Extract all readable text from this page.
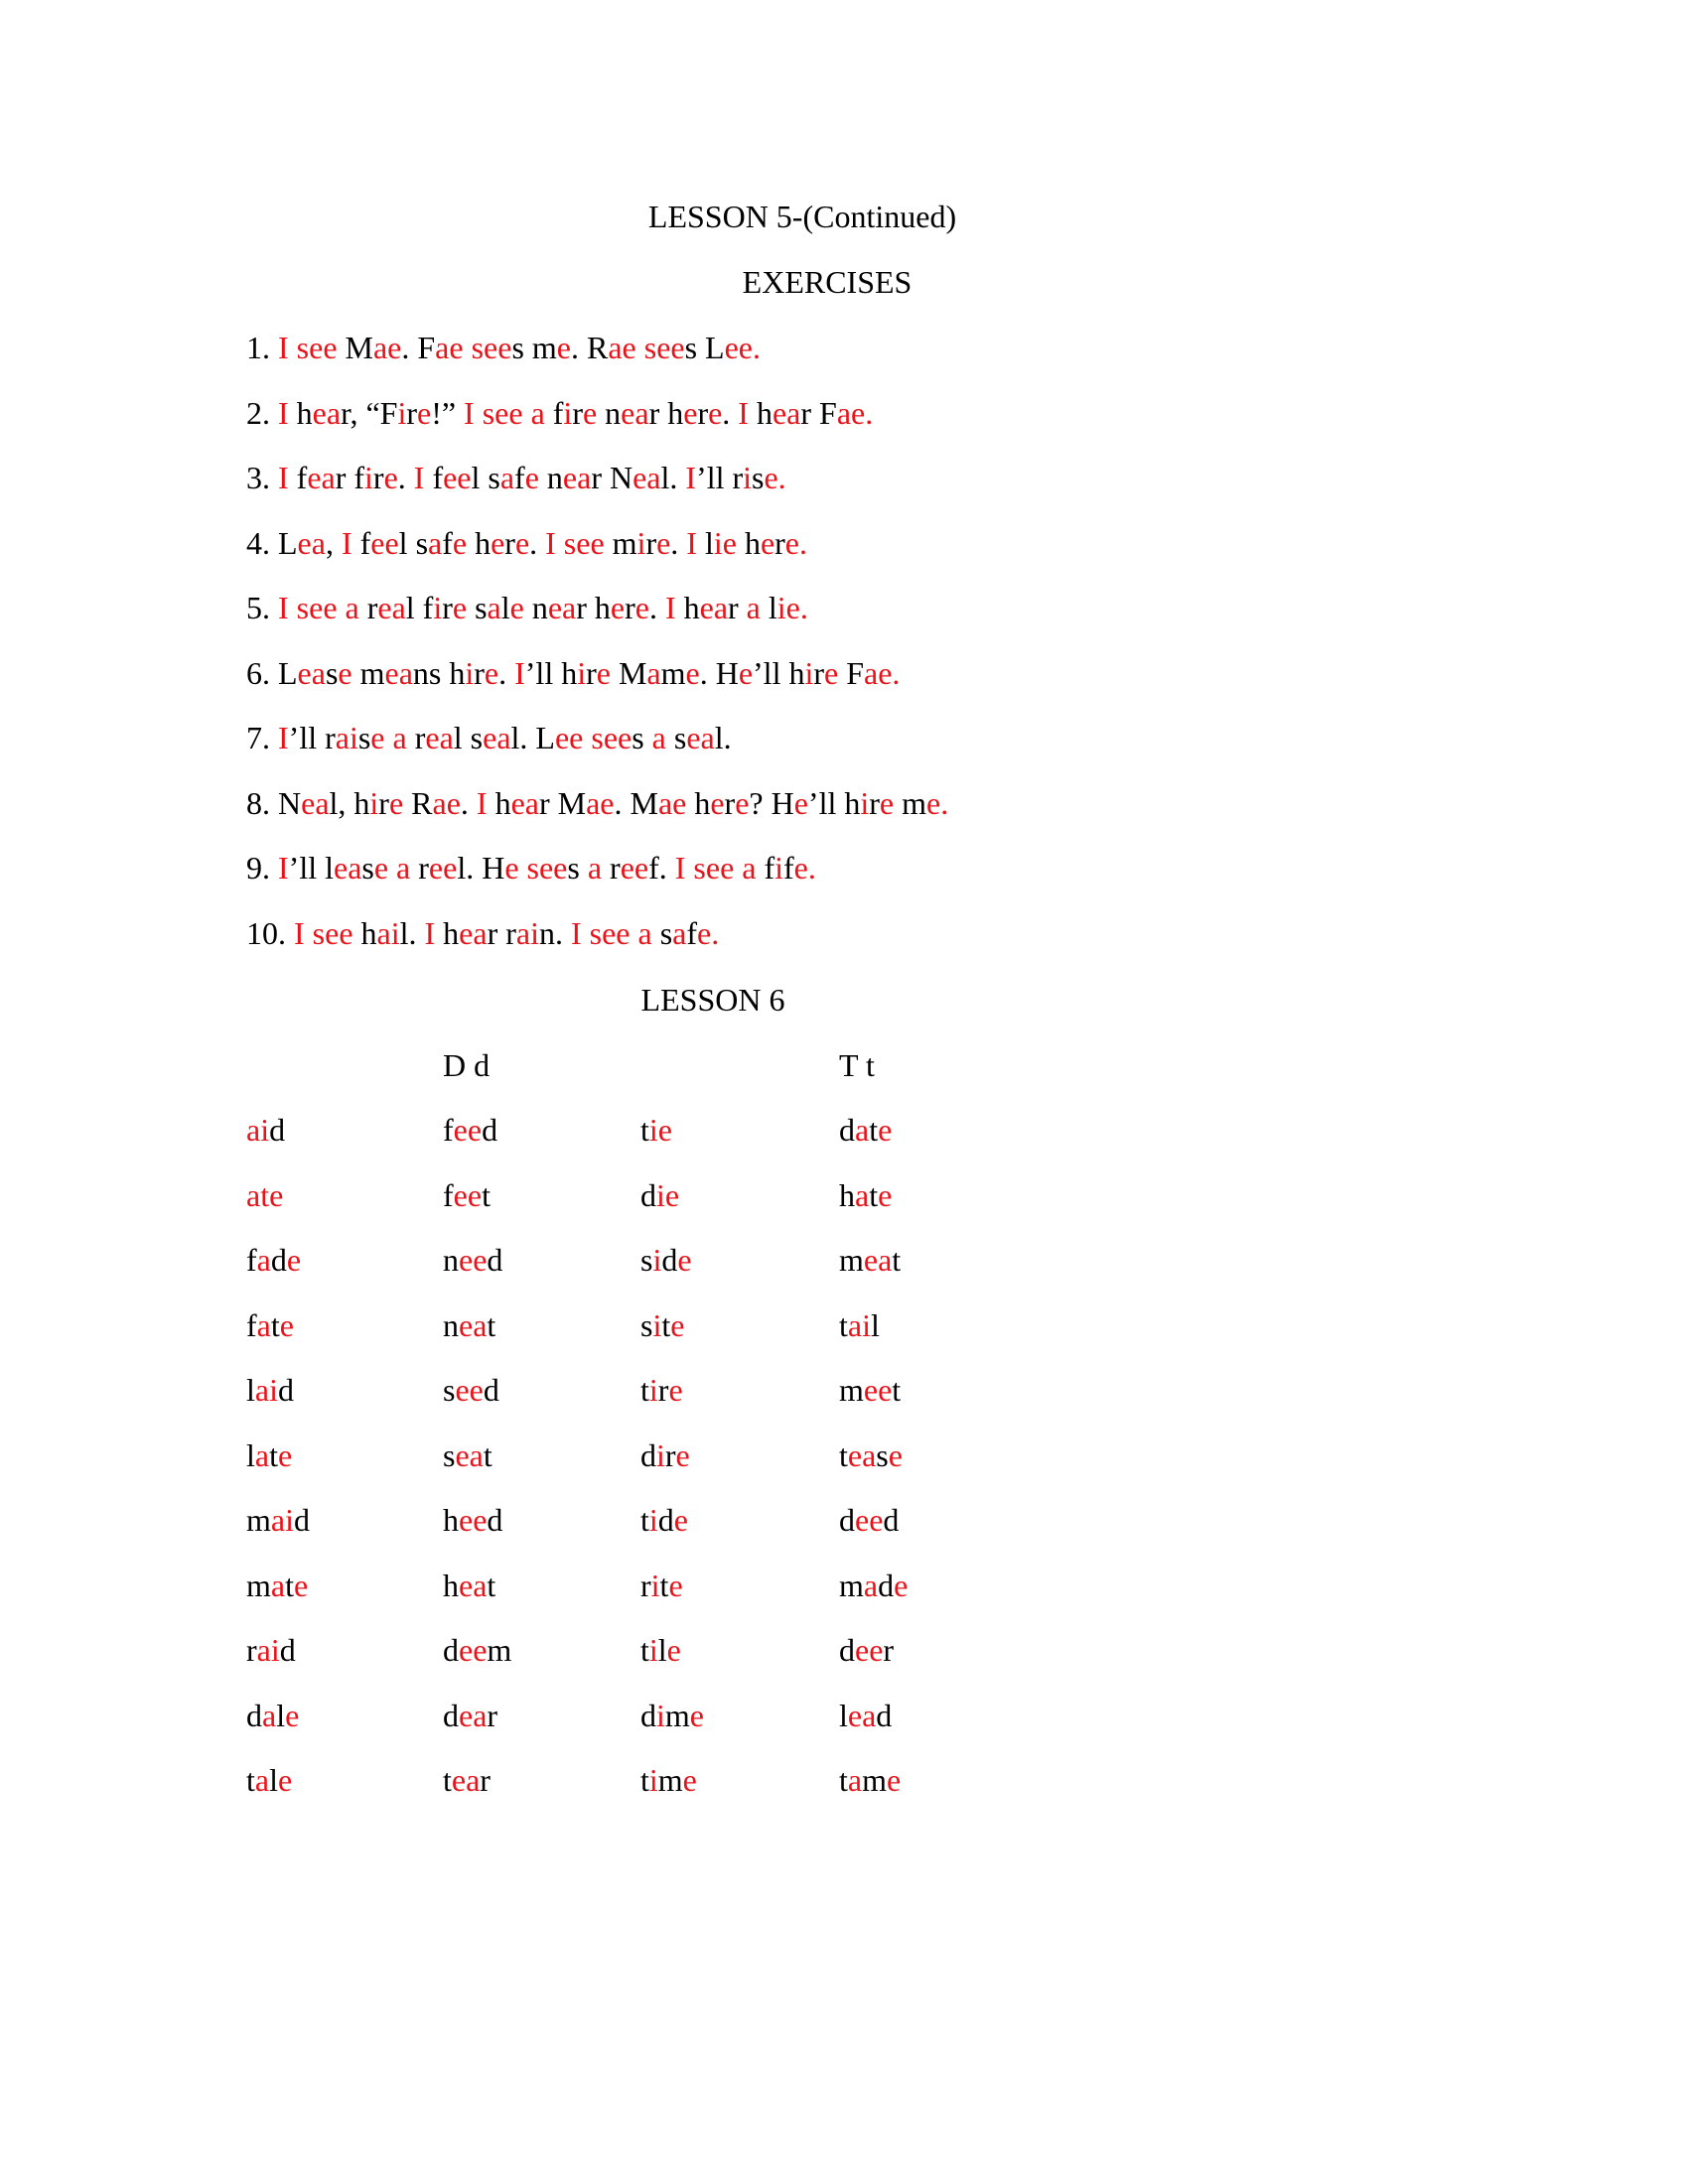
LESSON 5-(Continued)
EXERCISES
1. I see Mae. Fae sees me. Rae sees Lee.
2. I hear, “Fire!” I see a fire near here. I hear Fae.
3. I fear fire. I feel safe near Neal. I’ll rise.
4. Lea, I feel safe here. I see mire. I lie here.
5. I see a real fire sale near here. I hear a lie.
6. Lease means hire. I’ll hire Mame. He’ll hire Fae.
7. I’ll raise a real seal. Lee sees a seal.
8. Neal, hire Rae. I hear Mae. Mae here? He’ll hire me.
9. I’ll lease a reel. He sees a reef. I see a fife.
10. I see hail. I hear rain. I see a safe.
LESSON 6
D d	T t
aid
ate
fade
fate
laid
late
maid
mate
raid
dale
tale
feed
feet
need
neat
seed
seat
heed
heat
deem
dear
tear
tie
die
side
site
tire
dire
tide
rite
tile
dime
time
date
hate
meat
tail
meet
tease
deed
made
deer
lead
tame
